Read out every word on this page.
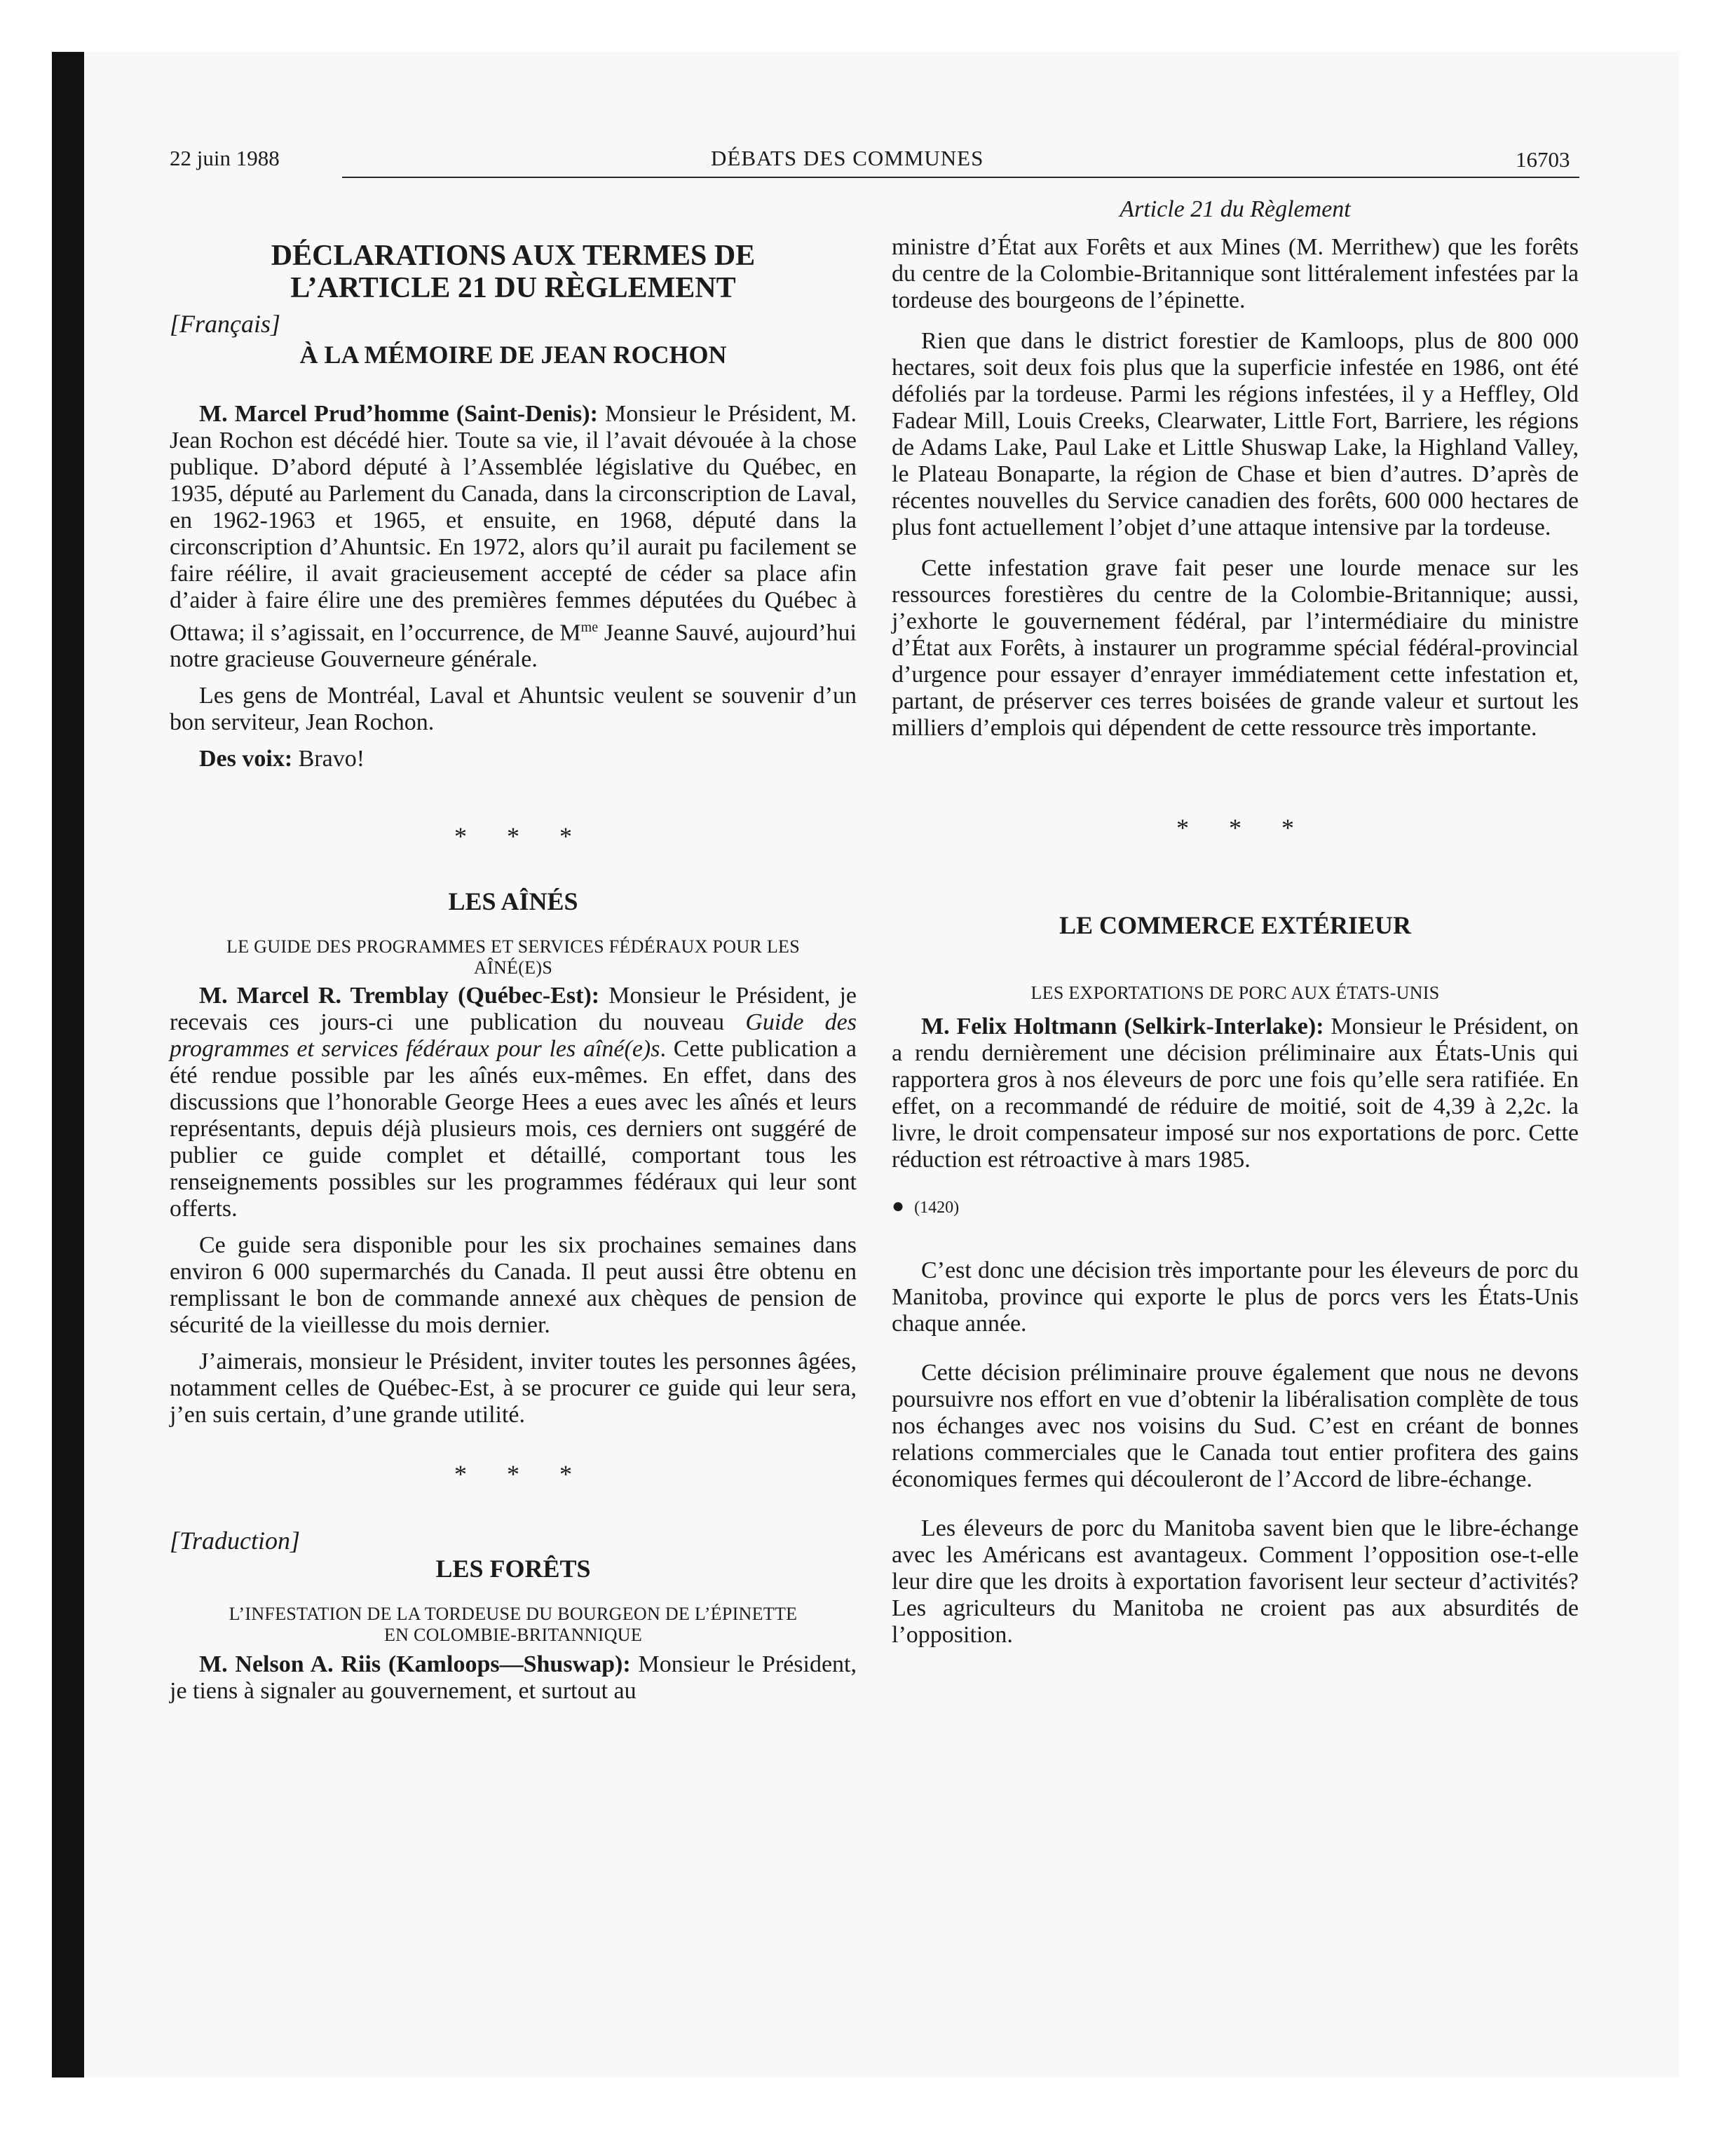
22 juin 1988	DÉBATS DES COMMUNES	16703
DÉCLARATIONS AUX TERMES DE
L’ARTICLE 21 DU RÈGLEMENT
[Français]
À LA MÉMOIRE DE JEAN ROCHON

M. Marcel Prud’homme (Saint-Denis): Monsieur le Président, M. Jean Rochon est décédé hier. Toute sa vie, il l’avait dévouée à la chose publique. D’abord député à l’Assemblée législative du Québec, en 1935, député au Parlement du Canada, dans la circonscription de Laval, en 1962-1963 et 1965, et ensuite, en 1968, député dans la circonscription d’Ahuntsic. En 1972, alors qu’il aurait pu facilement se faire réélire, il avait gracieusement accepté de céder sa place afin d’aider à faire élire une des premières femmes députées du Québec à Ottawa; il s’agissait, en l’occurrence, de $M^{me}$ Jeanne Sauvé, aujourd’hui notre gracieuse Gouverneure générale.

Les gens de Montréal, Laval et Ahuntsic veulent se souvenir d’un bon serviteur, Jean Rochon.

Des voix: Bravo!

* * *
LES AÎNÉS
LE GUIDE DES PROGRAMMES ET SERVICES FÉDÉRAUX POUR LES
AÎNÉ(E)S

M. Marcel R. Tremblay (Québec-Est): Monsieur le Président, je recevais ces jours-ci une publication du nouveau Guide des programmes et services fédéraux pour les aîné(e)s. Cette publication a été rendue possible par les aînés eux-mêmes. En effet, dans des discussions que l’honorable George Hees a eues avec les aînés et leurs représentants, depuis déjà plusieurs mois, ces derniers ont suggéré de publier ce guide complet et détaillé, comportant tous les renseignements possibles sur les programmes fédéraux qui leur sont offerts.

Ce guide sera disponible pour les six prochaines semaines dans environ 6 000 supermarchés du Canada. Il peut aussi être obtenu en remplissant le bon de commande annexé aux chèques de pension de sécurité de la vieillesse du mois dernier.

J’aimerais, monsieur le Président, inviter toutes les personnes âgées, notamment celles de Québec-Est, à se procurer ce guide qui leur sera, j’en suis certain, d’une grande utilité.

* * *
[Traduction]
LES FORÊTS
L’INFESTATION DE LA TORDEUSE DU BOURGEON DE L’ÉPINETTE
EN COLOMBIE-BRITANNIQUE

M. Nelson A. Riis (Kamloops—Shuswap): Monsieur le Président, je tiens à signaler au gouvernement, et surtout au

Article 21 du Règlement

ministre d’État aux Forêts et aux Mines (M. Merrithew) que les forêts du centre de la Colombie-Britannique sont littéralement infestées par la tordeuse des bourgeons de l’épinette.

Rien que dans le district forestier de Kamloops, plus de 800 000 hectares, soit deux fois plus que la superficie infestée en 1986, ont été défoliés par la tordeuse. Parmi les régions infestées, il y a Heffley, Old Fadear Mill, Louis Creeks, Clearwater, Little Fort, Barriere, les régions de Adams Lake, Paul Lake et Little Shuswap Lake, la Highland Valley, le Plateau Bonaparte, la région de Chase et bien d’autres. D’après de récentes nouvelles du Service canadien des forêts, 600 000 hectares de plus font actuellement l’objet d’une attaque intensive par la tordeuse.

Cette infestation grave fait peser une lourde menace sur les ressources forestières du centre de la Colombie-Britannique; aussi, j’exhorte le gouvernement fédéral, par l’intermédiaire du ministre d’État aux Forêts, à instaurer un programme spécial fédéral-provincial d’urgence pour essayer d’enrayer immédiatement cette infestation et, partant, de préserver ces terres boisées de grande valeur et surtout les milliers d’emplois qui dépendent de cette ressource très importante.

* * *
LE COMMERCE EXTÉRIEUR
LES EXPORTATIONS DE PORC AUX ÉTATS-UNIS

M. Felix Holtmann (Selkirk-Interlake): Monsieur le Président, on a rendu dernièrement une décision préliminaire aux États-Unis qui rapportera gros à nos éleveurs de porc une fois qu’elle sera ratifiée. En effet, on a recommandé de réduire de moitié, soit de 4,39 à 2,2c. la livre, le droit compensateur imposé sur nos exportations de porc. Cette réduction est rétroactive à mars 1985.

● (1420)

C’est donc une décision très importante pour les éleveurs de porc du Manitoba, province qui exporte le plus de porcs vers les États-Unis chaque année.

Cette décision préliminaire prouve également que nous ne devons poursuivre nos effort en vue d’obtenir la libéralisation complète de tous nos échanges avec nos voisins du Sud. C’est en créant de bonnes relations commerciales que le Canada tout entier profitera des gains économiques fermes qui découleront de l’Accord de libre-échange.

Les éleveurs de porc du Manitoba savent bien que le libre-échange avec les Américans est avantageux. Comment l’opposition ose-t-elle leur dire que les droits à exportation favorisent leur secteur d’activités? Les agriculteurs du Manitoba ne croient pas aux absurdités de l’opposition.
